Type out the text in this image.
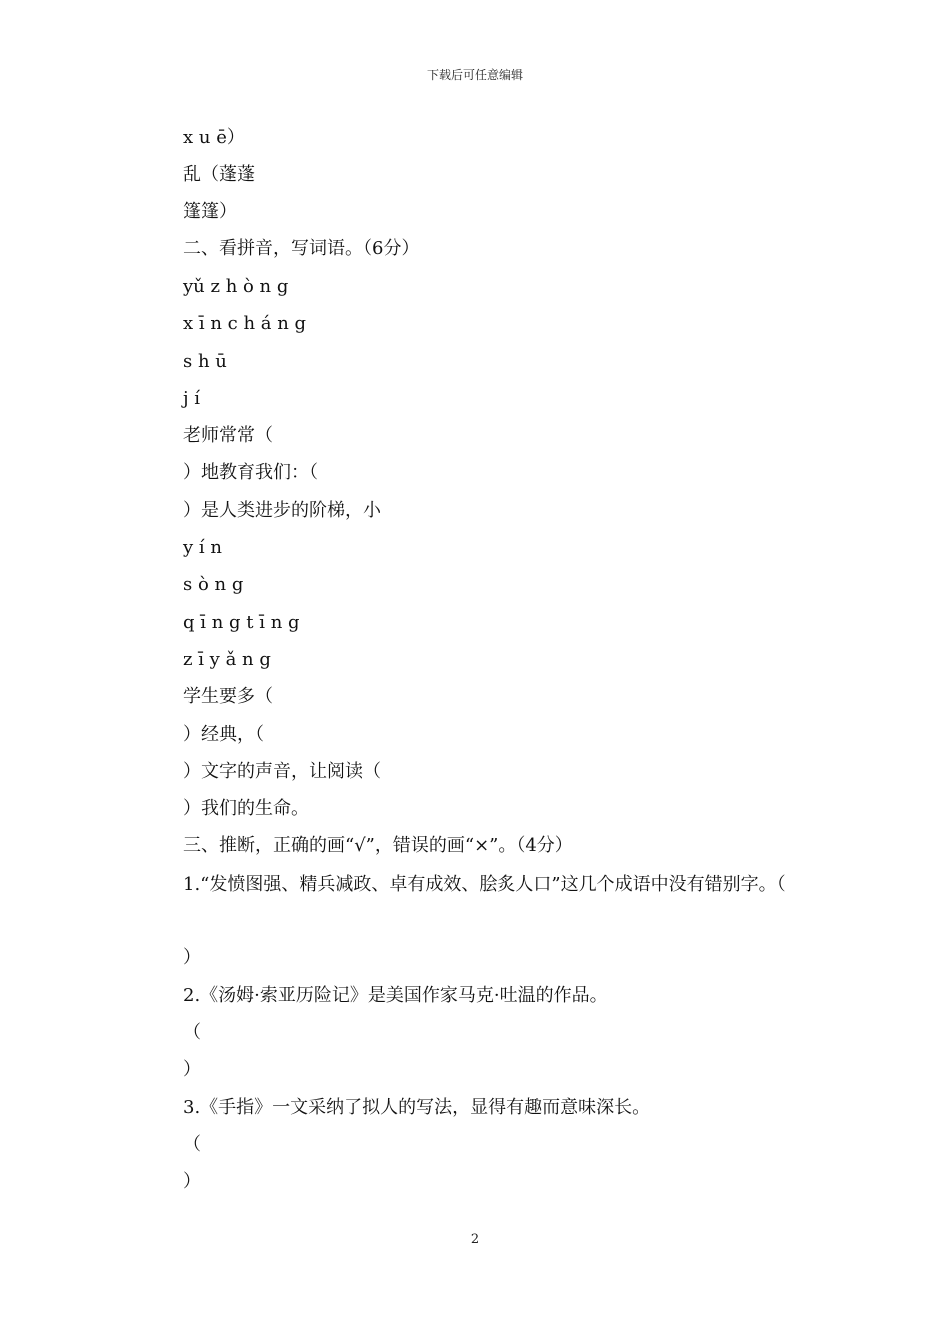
下载后可任意编辑
x u ē）
乱（蓬蓬
篷篷）
二、看拼音，写词语。（6分）
yǔ z h ò n g
x ī n c h á n g
s h ū
j í
老师常常（
）地教育我们：（
）是人类进步的阶梯，小
y í n
s ò n g
q ī n g t ī n g
z ī y ǎ n g
学生要多（
）经典，（
）文字的声音，让阅读（
）我们的生命。
三、推断，正确的画“√”，错误的画“×”。（4分）
1.“发愤图强、精兵减政、卓有成效、脍炙人口”这几个成语中没有错别字。（
）
2.《汤姆·索亚历险记》是美国作家马克·吐温的作品。
（
）
3.《手指》一文采纳了拟人的写法，显得有趣而意味深长。
（
）
2
